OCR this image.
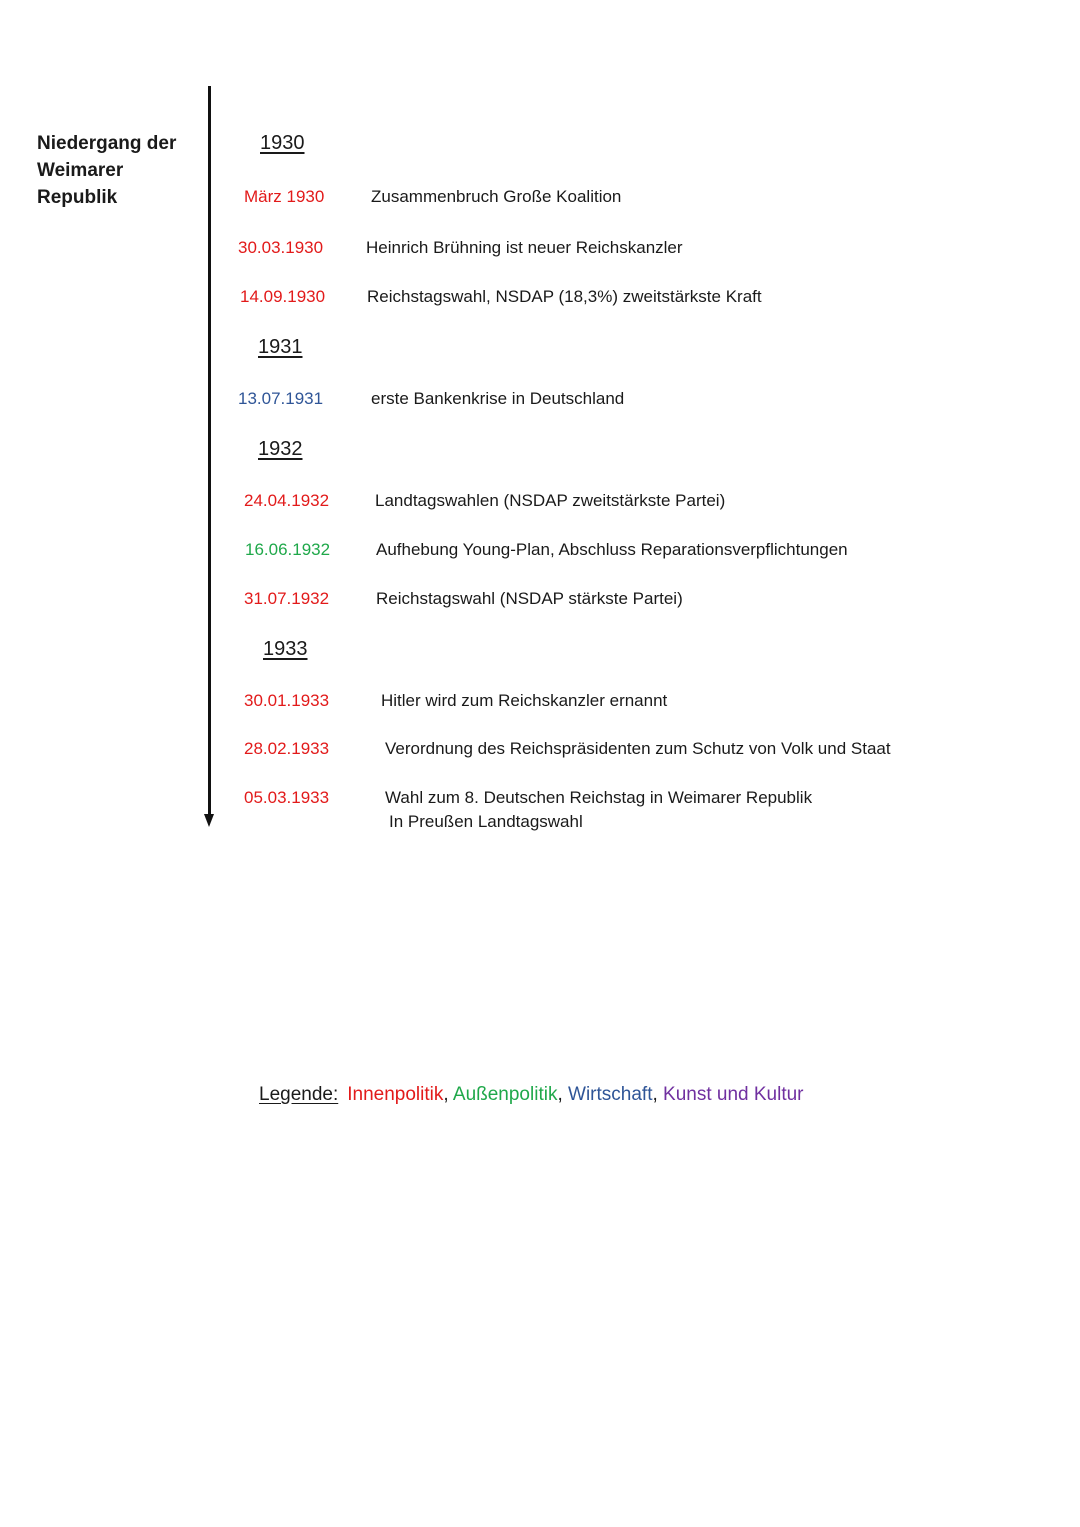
Niedergang der
Weimarer
Republik
1930
1931
1932
1933
März 1930	Zusammenbruch Große Koalition
30.03.1930	Heinrich Brühning ist neuer Reichskanzler
14.09.1930 Reichstagswahl, NSDAP (18,3%) zweitstärkste Kraft
13.07.1931	erste Bankenkrise in Deutschland
24.04.1932	Landtagswahlen (NSDAP zweitstärkste Partei)
16.06.1932	Aufhebung Young-Plan, Abschluss Reparationsverpflichtungen
31.07.1932	Reichstagswahl (NSDAP stärkste Partei)
30.01.1933	Hitler wird zum Reichskanzler ernannt
28.02.1933	Verordnung des Reichspräsidenten zum Schutz von Volk und Staat
05.03.1933	Wahl zum 8. Deutschen Reichstag in Weimarer Republik
In Preußen Landtagswahl
Legende: Innenpolitik, Außenpolitik, Wirtschaft, Kunst und Kultur
